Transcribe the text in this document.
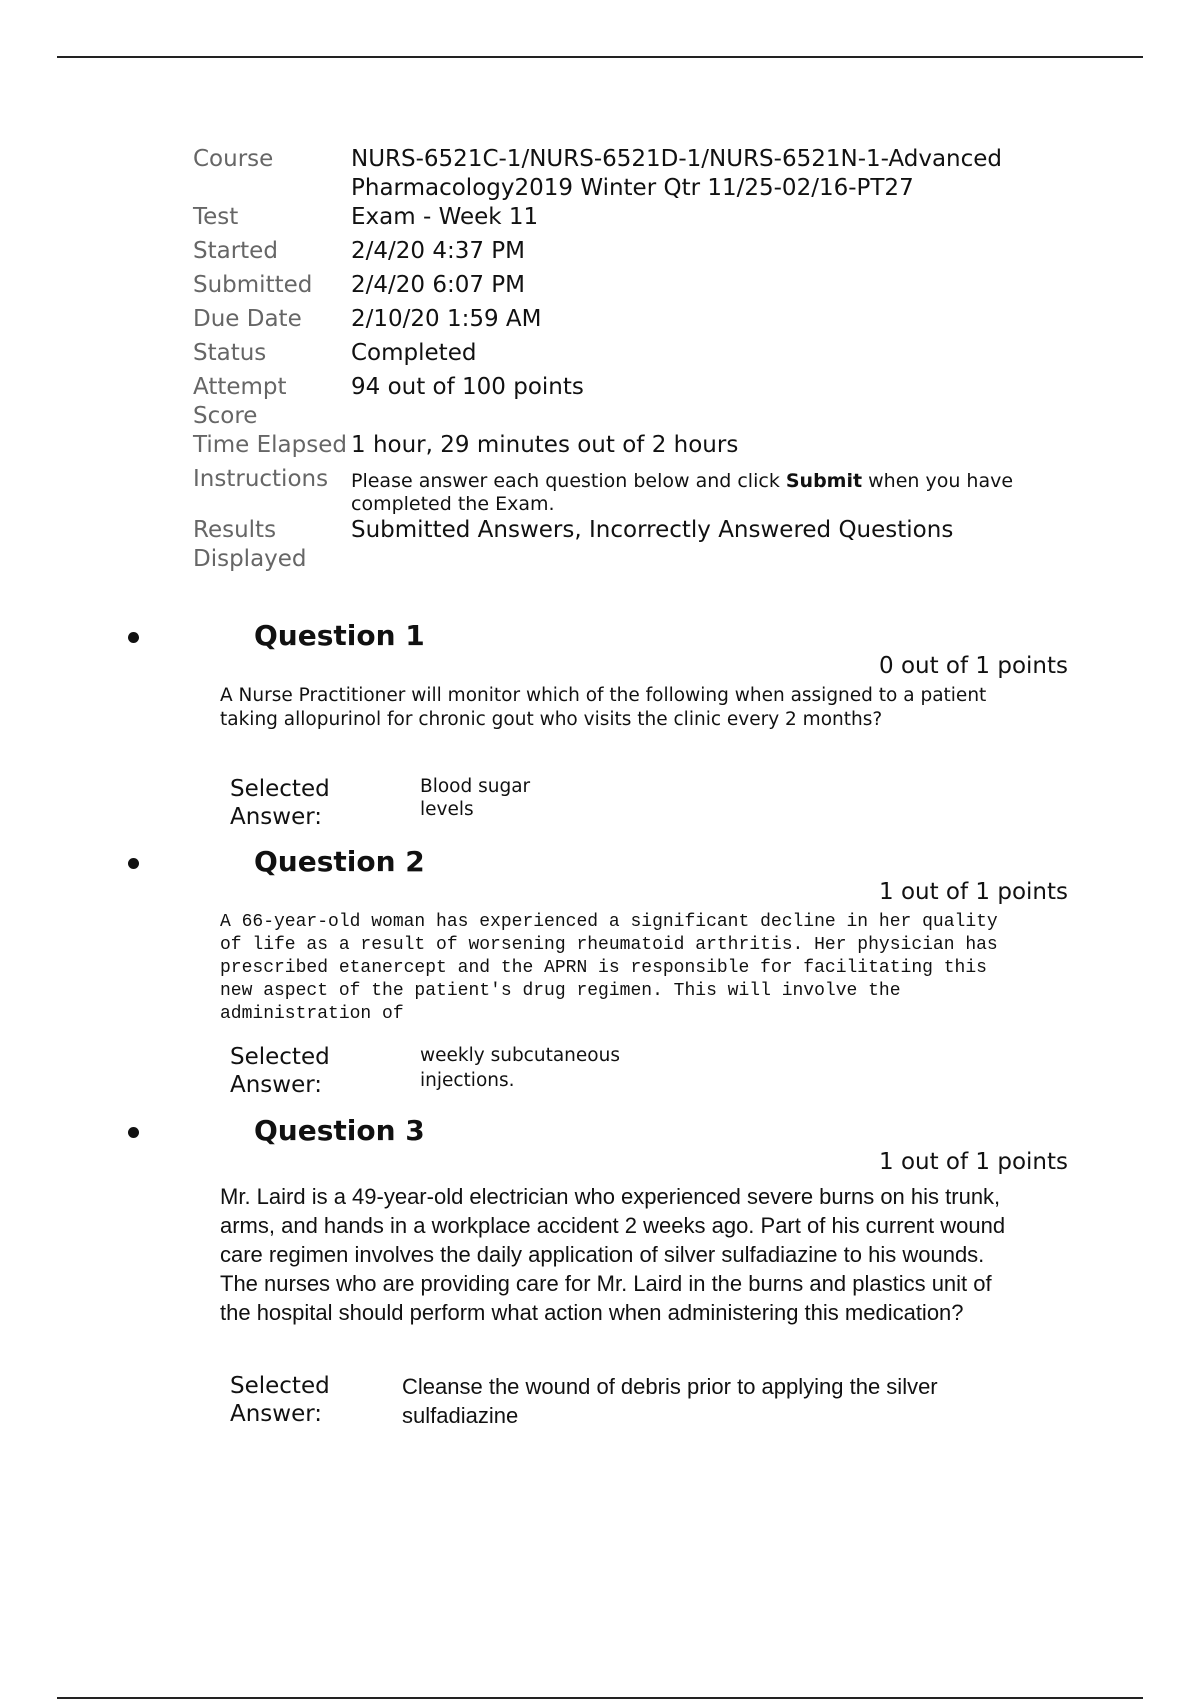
Course	NURS-6521C-1/NURS-6521D-1/NURS-6521N-1-Advanced Pharmacology2019 Winter Qtr 11/25-02/16-PT27
Test	Exam - Week 11
Started	2/4/20 4:37 PM
Submitted	2/4/20 6:07 PM
Due Date	2/10/20 1:59 AM
Status	Completed
Attempt Score	94 out of 100 points
Time Elapsed	1 hour, 29 minutes out of 2 hours
Instructions	Please answer each question below and click Submit when you have completed the Exam.
Results Displayed	Submitted Answers, Incorrectly Answered Questions
Question 1
0 out of 1 points
A Nurse Practitioner will monitor which of the following when assigned to a patient taking allopurinol for chronic gout who visits the clinic every 2 months?
Selected Answer:
Blood sugar levels
Question 2
1 out of 1 points
A 66-year-old woman has experienced a significant decline in her quality of life as a result of worsening rheumatoid arthritis. Her physician has prescribed etanercept and the APRN is responsible for facilitating this new aspect of the patient's drug regimen. This will involve the administration of
Selected Answer:
weekly subcutaneous injections.
Question 3
1 out of 1 points
Mr. Laird is a 49-year-old electrician who experienced severe burns on his trunk, arms, and hands in a workplace accident 2 weeks ago. Part of his current wound care regimen involves the daily application of silver sulfadiazine to his wounds. The nurses who are providing care for Mr. Laird in the burns and plastics unit of the hospital should perform what action when administering this medication?
Selected Answer:
Cleanse the wound of debris prior to applying the silver sulfadiazine
